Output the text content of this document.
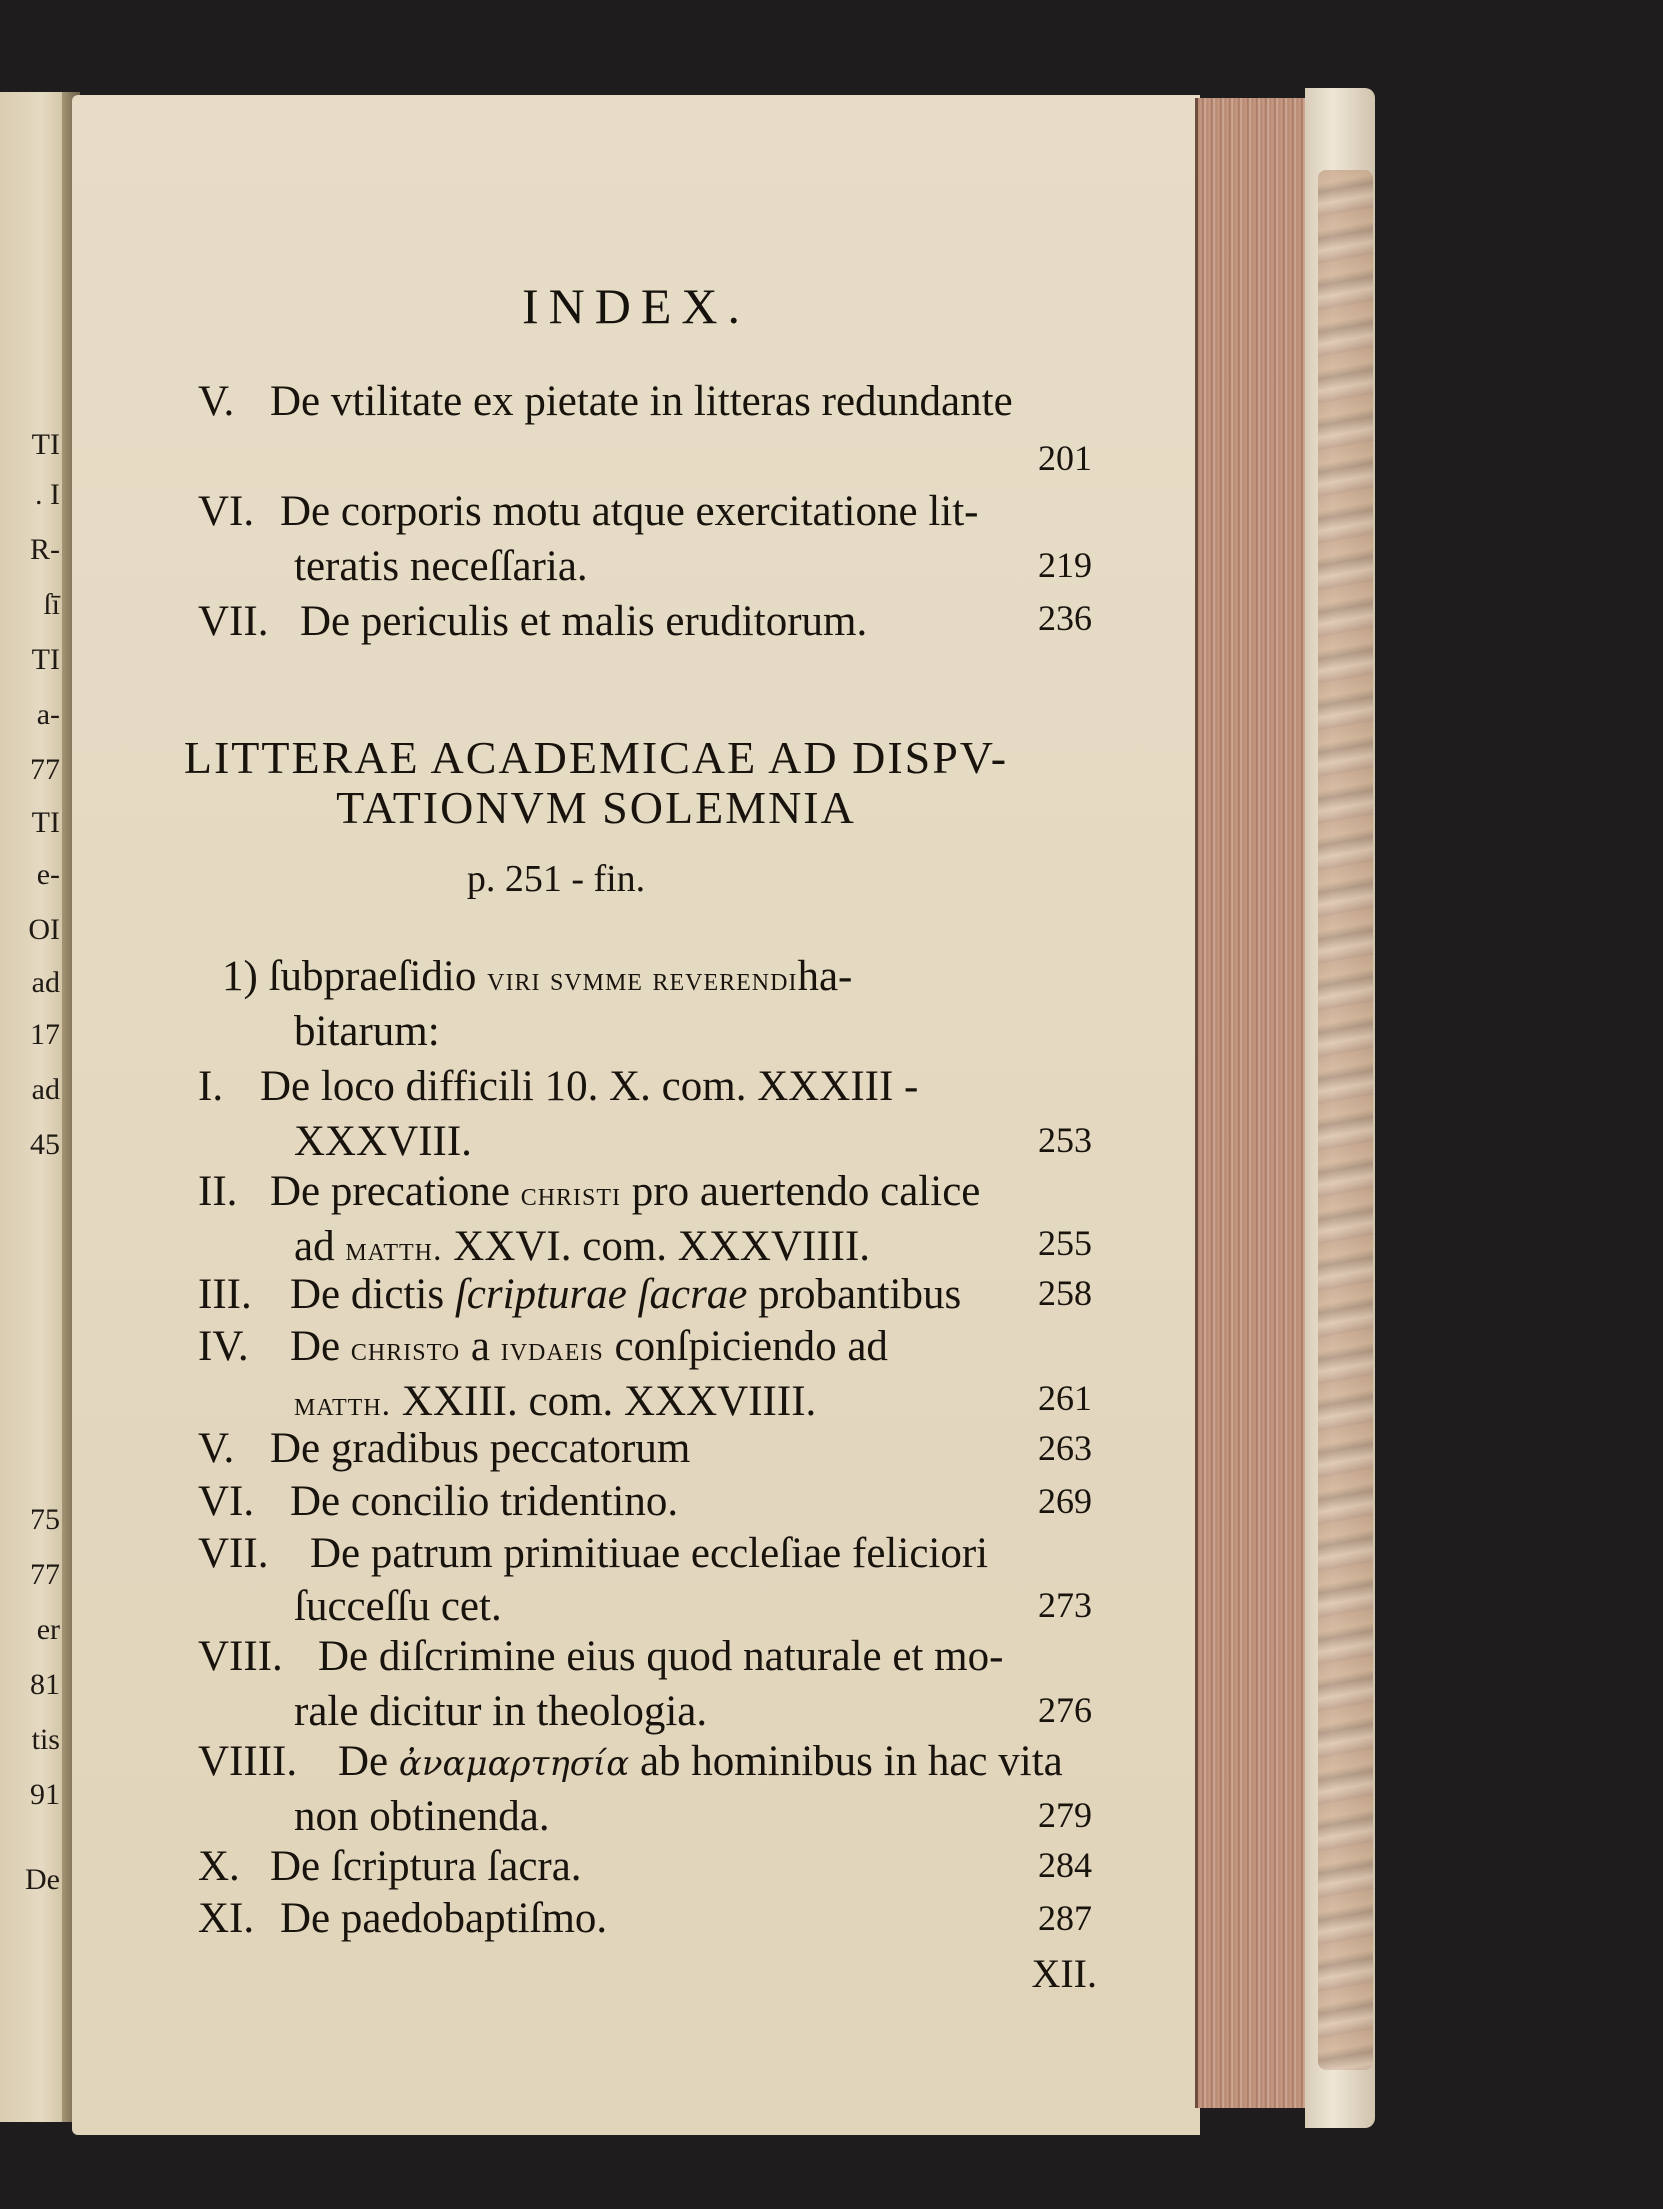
TI
. I
R-
ſī
TI
a-
77
TI
e-
OI
ad
17
ad
45
75
77
er
81
tis
91
De
INDEX.
V. De vtilitate ex pietate in litteras redundante
201
VI. De corporis motu atque exercitatione lit-
teratis neceſſaria.	219
VII. De periculis et malis eruditorum.	236
LITTERAE ACADEMICAE AD DISPV-
TATIONVM SOLEMNIA
p. 251 - fin.
1) ſubpraeſidio viri svmme reverendiha-
bitarum:
I. De loco difficili 10. X. com. XXXIII -
XXXVIII.	253
II. De precatione christi pro auertendo calice
ad matth. XXVI. com. XXXVIIII.	255
III. De dictis ſcripturae ſacrae probantibus	258
IV. De christo a ivdaeis conſpiciendo ad
matth. XXIII. com. XXXVIIII.	261
V. De gradibus peccatorum	263
VI. De concilio tridentino.	269
VII. De patrum primitiuae eccleſiae feliciori
ſucceſſu cet.	273
VIII. De diſcrimine eius quod naturale et mo-
rale dicitur in theologia.	276
VIIII. De ἀναμαρτησία ab hominibus in hac vita
non obtinenda.	279
X. De ſcriptura ſacra.	284
XI. De paedobaptiſmo.	287
XII.
